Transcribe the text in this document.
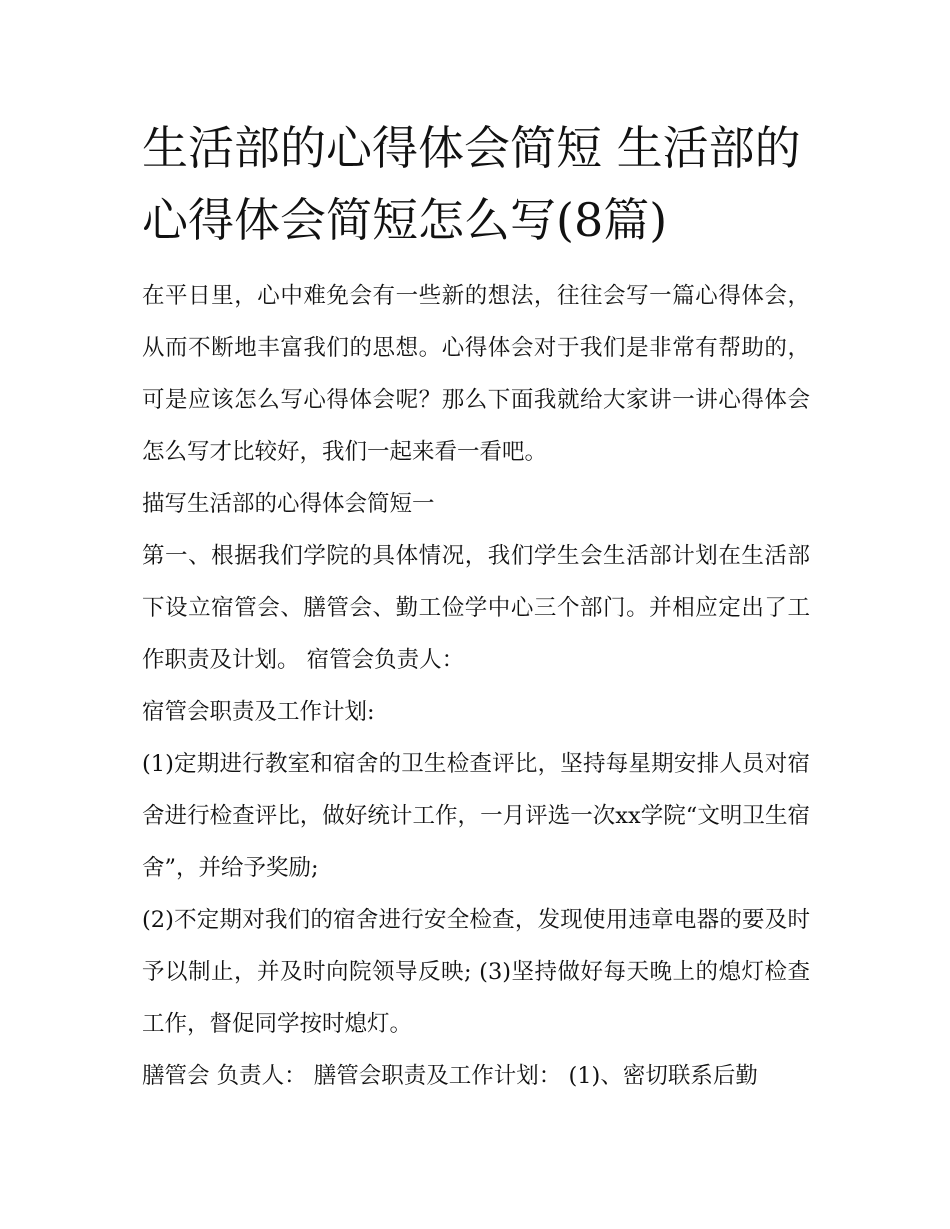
生活部的心得体会简短 生活部的心得体会简短怎么写(8篇)

在平日里，心中难免会有一些新的想法，往往会写一篇心得体会，从而不断地丰富我们的思想。心得体会对于我们是非常有帮助的，可是应该怎么写心得体会呢？那么下面我就给大家讲一讲心得体会怎么写才比较好，我们一起来看一看吧。

描写生活部的心得体会简短一

第一、根据我们学院的具体情况，我们学生会生活部计划在生活部下设立宿管会、膳管会、勤工俭学中心三个部门。并相应定出了工作职责及计划。 宿管会负责人：

宿管会职责及工作计划:

(1)定期进行教室和宿舍的卫生检查评比，坚持每星期安排人员对宿舍进行检查评比，做好统计工作，一月评选一次xx学院“文明卫生宿舍”，并给予奖励;

(2)不定期对我们的宿舍进行安全检查，发现使用违章电器的要及时予以制止，并及时向院领导反映; (3)坚持做好每天晚上的熄灯检查工作，督促同学按时熄灯。

膳管会 负责人： 膳管会职责及工作计划： (1)、密切联系后勤
